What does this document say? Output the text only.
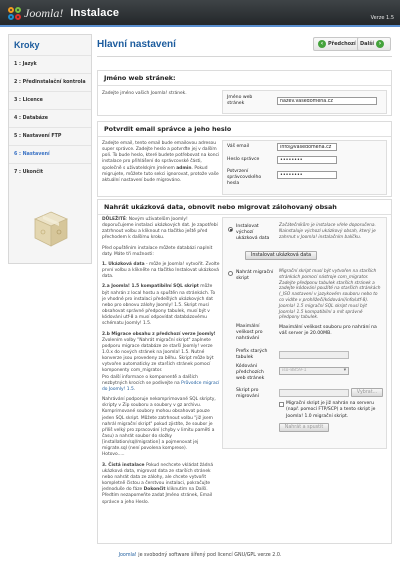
Joomla! Instalace	Verze 1.5
Kroky
1 : Jazyk
2 : Předinstalační kontrola
3 : Licence
4 : Databáze
5 : Nastavení FTP
6 : Nastavení
7 : Ukončit
Hlavní nastavení	‹ Předchozí Další ›
Jméno web stránek:
Zadejte jméno vašich Joomla! stránek.
Jméno web stránek
název.vašedoména.cz
Potvrdit email správce a jeho heslo
Zadejte email, tento email bude emailovou adresou super správce. Zadejte heslo a potvrďte jej v dalším poli. To bude heslo, které budete potřebovat na konci instalace pro přihlášení do správcovské části, společně s uživatelským jménem admin. Pokud migrujete, můžete tuto sekci ignorovat, protože vaše aktuální nastavení bude migrováno.
Váš email
info@vašedoména.cz
Heslo správce
••••••••
Potvrzení správcovského hesla
••••••••
Nahrát ukázková data, obnovit nebo migrovat zálohovaný obsah

DŮLEŽITÉ: Novým uživatelům Joomly! doporučujeme instalaci ukázkových dat. Je zapotřebí zatrhnout volbu a kliknout na tlačítko ještě před přechodem k dalšímu kroku.

Před opuštěním instalace můžete databázi naplnit daty. Máte tři možnosti:

1. Ukázková data - může je Joomla! vytvořit. Zvolte první volbu a klikněte na tlačítko Instalovat ukázková data.

2.a Joomla! 1.5 kompatibilní SQL skript může být nahrán z local hostu a spuštěn na stránkách. To je vhodné pro instalaci předešlých ukázkových dat nebo pro obnovu zálohy Joomly! 1.5. Skript musí obsahovat správné předpony tabulek, musí být v kódování utf-8 a musí odpovídat databázovému schématu Joomly! 1.5.

2.b Migrace obsahu z předchozí verze Joomly! Zvolením volby "Nahrát migrační skript" zaplnete podporu migrace databáze ze starší Joomly! verze 1.0.x do nových stránek na Joomla! 1.5. Nutné konverze jsou provedeny za běhu. Skript může být vytvořen automaticky ze starších stránek pomocí komponenty com_migrator.

Pro další informace o komponentě a dalších nezbytných krocích se podívejte na Průvodce migrací do Joomly! 1.5.

Nahrávání podporuje nekomprimované SQL skripty, skripty v Zip souboru a soubory v gz archivu. Komprimované soubory mohou obsahovat pouze jeden SQL skript. Můžete zatrhnout volbu "již jsem nahrál migrační skript" pokud zjistíte, že soubor je příliš velký pro zpracování (chyby v limitu paměti a času) a nahrát soubor do složky [installation/sql/migration] a pojmenovat jej migrate.sql (není povolena komprese).

Hotovo.....

3. Čistá instalace Pokud nechcete vkládat žádná ukázková data, migrovat data ze starších stránek nebo nahrát data ze zálohy, ale chcete vytvořit kompletně čistou a čerstvou instalaci, pokračujte jednoduše do fáze Dokončit kliknutím na Další. Předtím nezapomeňte zadat Jméno stránek, Email správce a jeho Heslo.

Instalovat výchozí ukázková data
Začátečníkům je instalace vřele doporučena. Nainstaluje výchozí ukázkový obsah, který je zahrnut v Joomla! instalačním balíčku.
Instalovat ukázková data
Nahrát migrační skript
Migrační skript musí být vytvořen na starších stránkách pomocí nástroje com_migrator. Zadejte předponu tabulek starších stránek a zadejte kódování použité na starších stránkách (_ISO nastavení v jazykovém souboru nebo to co vidíte v prohlížeči/kódování/info/utf-8). Joomla! 1.5 migrační SQL skript musí být Joomla! 1.5 kompatibilní a mít správné předpony tabulek.
Maximální velikost pro nahrávání
Maximální velikost souboru pro nahrání na váš server je 20.00MB.
Prefix starých tabulek
Kódování předchozích web stránek
iso-8859-1 ▾
Skript pro migrování
Vybrat...
Migrační skript je již nahrán na serveru (např. pomocí FTP/SCP) a tento skript je Joomla! 1.0 migrační skript.
Nahrát a spustit
Joomla! je svobodný software šířený pod licencí GNU/GPL verze 2.0.
